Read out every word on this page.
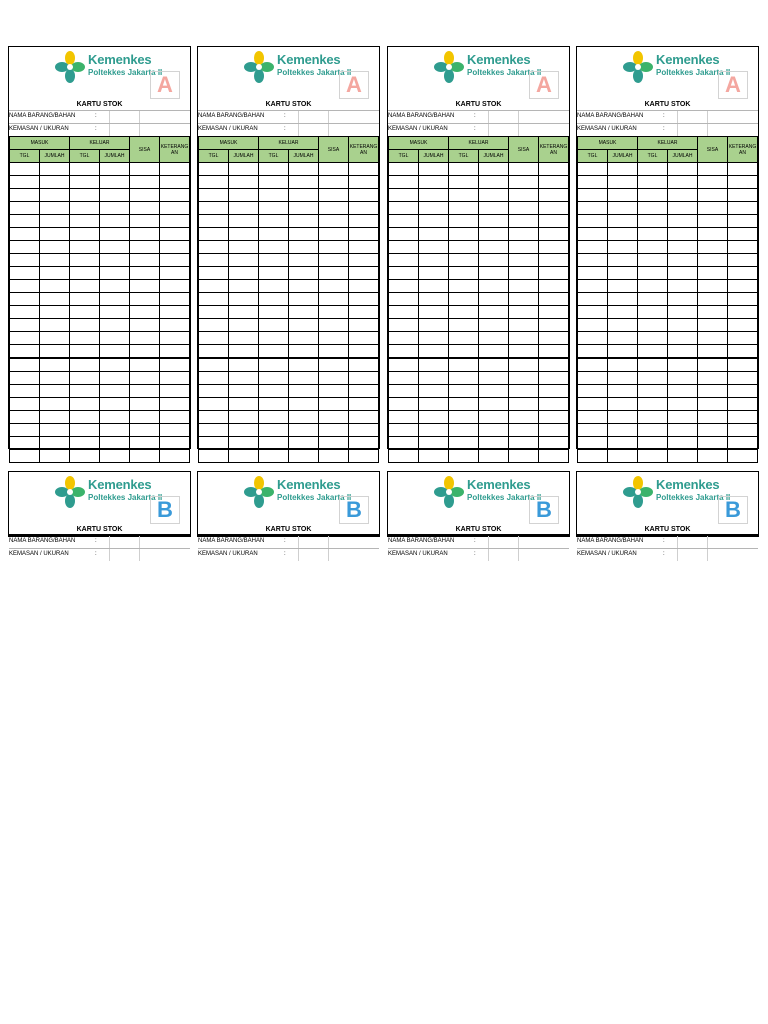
Kemenkes
Poltekkes Jakarta II
A
KARTU STOK
NAMA BARANG/BAHAN	:
KEMASAN / UKURAN	:
MASUK		KELUAR		SISA	KETERANG AN
TGL	JUMLAH	TGL	JUMLAH		

Kemenkes
Poltekkes Jakarta II
A
KARTU STOK
NAMA BARANG/BAHAN	:
KEMASAN / UKURAN	:
MASUK		KELUAR		SISA	KETERANG AN
TGL	JUMLAH	TGL	JUMLAH		

Kemenkes
Poltekkes Jakarta II
A
KARTU STOK
NAMA BARANG/BAHAN	:
KEMASAN / UKURAN	:
MASUK		KELUAR		SISA	KETERANG AN
TGL	JUMLAH	TGL	JUMLAH		

Kemenkes
Poltekkes Jakarta II
A
KARTU STOK
NAMA BARANG/BAHAN	:
KEMASAN / UKURAN	:
MASUK		KELUAR		SISA	KETERANG AN
TGL	JUMLAH	TGL	JUMLAH		

Kemenkes
Poltekkes Jakarta II
B
KARTU STOK
NAMA BARANG/BAHAN	:
KEMASAN / UKURAN	:
Kemenkes
Poltekkes Jakarta II
B
KARTU STOK
NAMA BARANG/BAHAN	:
KEMASAN / UKURAN	:
Kemenkes
Poltekkes Jakarta II
B
KARTU STOK
NAMA BARANG/BAHAN	:
KEMASAN / UKURAN	:
Kemenkes
Poltekkes Jakarta II
B
KARTU STOK
NAMA BARANG/BAHAN	:
KEMASAN / UKURAN	:
